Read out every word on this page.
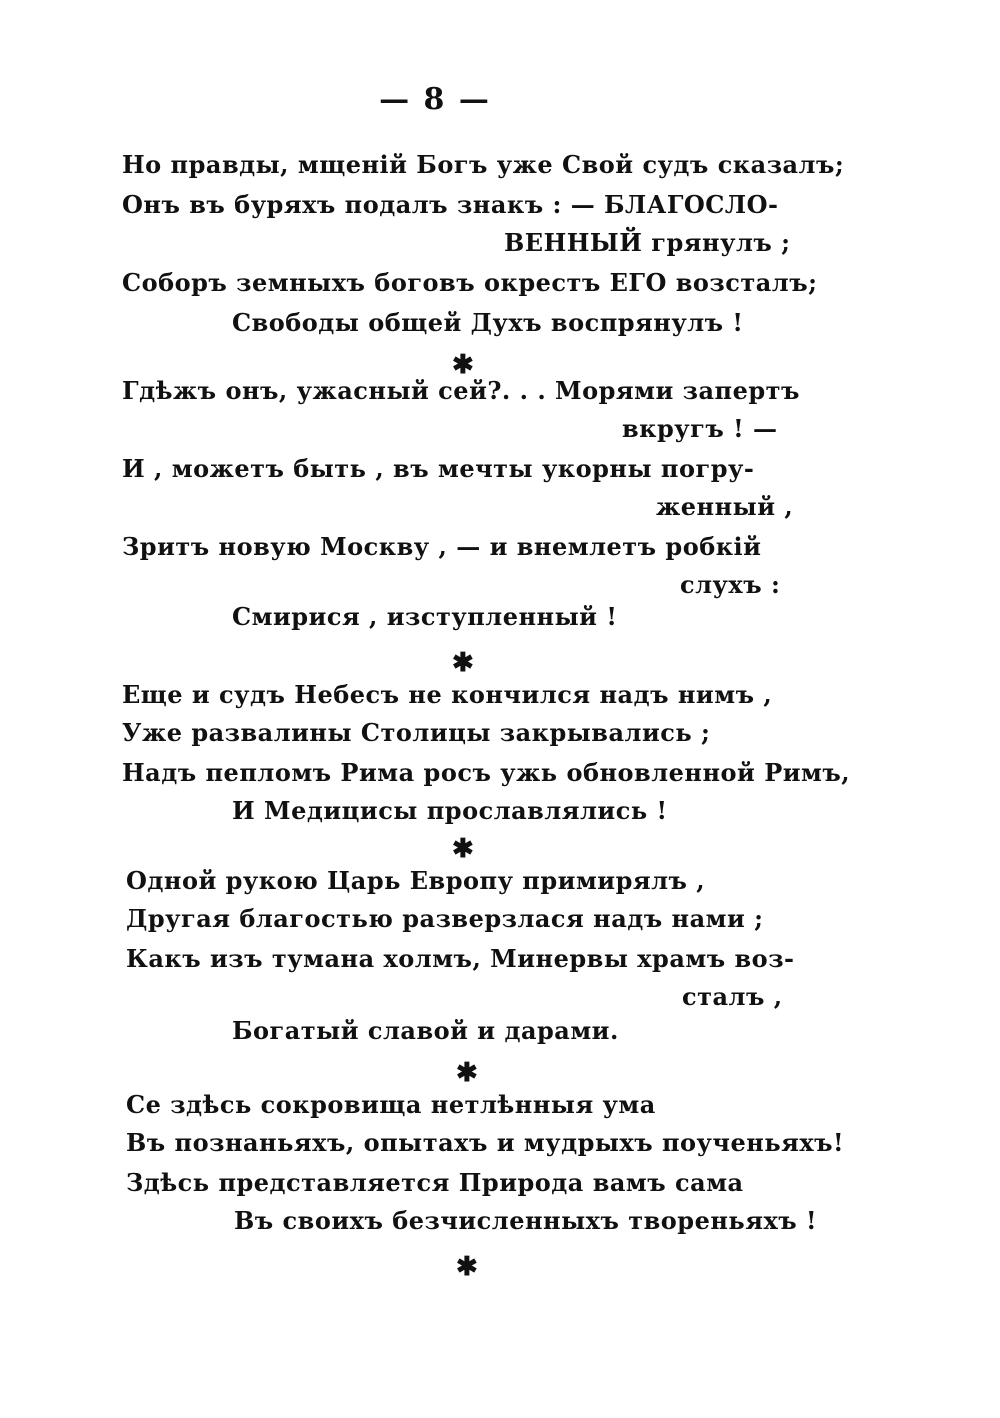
— 8 —
Но правды, мщеній Богъ уже Свой судъ сказалъ;
Онъ въ буряхъ подалъ знакъ : — БЛАГОСЛО-
ВЕННЫЙ грянулъ ;
Соборъ земныхъ боговъ окрестъ ЕГО возсталъ;
Свободы общей Духъ воспрянулъ !
✱
Гдѣжъ онъ, ужасный сей?. . . Морями запертъ
вкругъ ! —
И , можетъ быть , въ мечты укорны погру-
женный ,
Зритъ новую Москву , — и внемлетъ робкій
слухъ :
Смирися , изступленный !
✱
Еще и судъ Небесъ не кончился надъ нимъ ,
Уже развалины Столицы закрывались ;
Надъ пепломъ Рима росъ ужь обновленной Римъ,
И Медицисы прославлялись !
✱
Одной рукою Царь Европу примирялъ ,
Другая благостью разверзлася надъ нами ;
Какъ изъ тумана холмъ, Минервы храмъ воз-
сталъ ,
Богатый славой и дарами.
✱
Се здѣсь сокровища нетлѣнныя ума
Въ познаньяхъ, опытахъ и мудрыхъ поученьяхъ!
Здѣсь представляется Природа вамъ сама
Въ своихъ безчисленныхъ твореньяхъ !
✱
